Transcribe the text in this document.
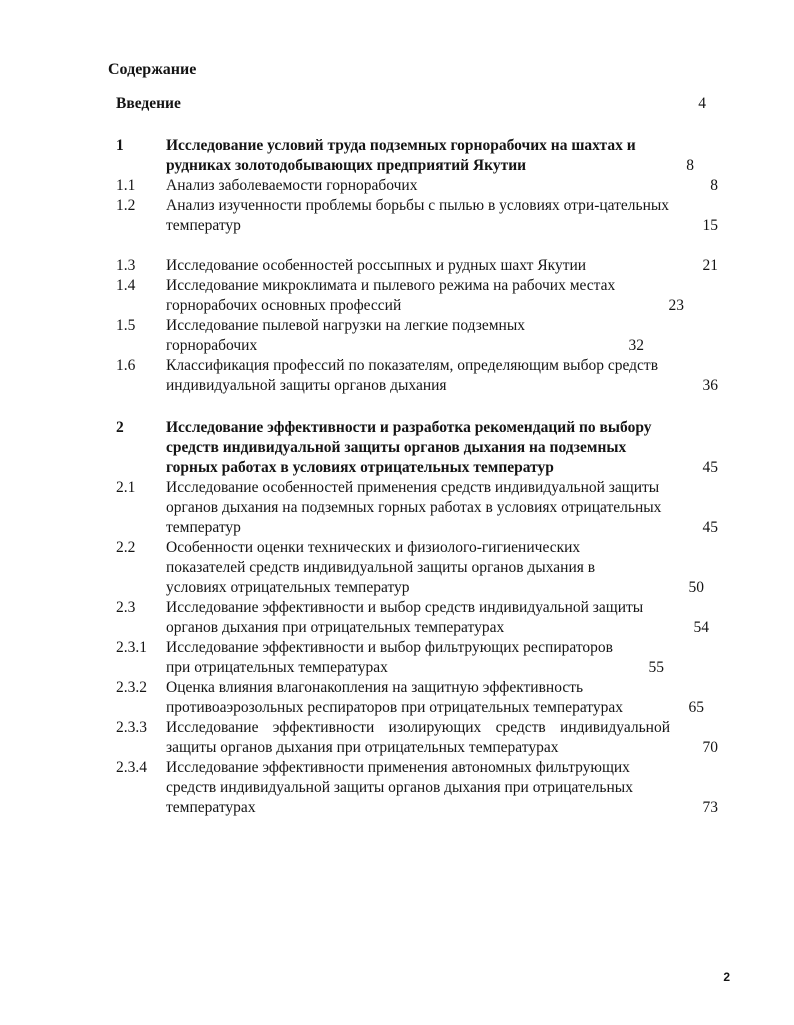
Содержание
Введение	4
1	Исследование условий труда подземных горнорабочих на шахтах и рудниках золотодобывающих предприятий Якутии	8
1.1	Анализ заболеваемости горнорабочих	8
1.2	Анализ изученности проблемы борьбы с пылью в условиях отри-цательных температур	15
1.3	Исследование особенностей россыпных и рудных шахт Якутии	21
1.4	Исследование микроклимата и пылевого режима на рабочих местах горнорабочих основных профессий	23
1.5	Исследование пылевой нагрузки на легкие подземных горнорабочих	32
1.6	Классификация профессий по показателям, определяющим выбор средств индивидуальной защиты органов дыхания	36
2	Исследование эффективности и разработка рекомендаций по выбору средств индивидуальной защиты органов дыхания на подземных горных работах в условиях отрицательных температур	45
2.1	Исследование особенностей применения средств индивидуальной защиты органов дыхания на подземных горных работах в условиях отрицательных температур	45
2.2	Особенности оценки технических и физиолого-гигиенических показателей средств индивидуальной защиты органов дыхания в условиях отрицательных температур	50
2.3	Исследование эффективности и выбор средств индивидуальной защиты органов дыхания при отрицательных температурах	54
2.3.1	Исследование эффективности и выбор фильтрующих респираторов при отрицательных температурах	55
2.3.2	Оценка влияния влагонакопления на защитную эффективность противоаэрозольных респираторов при отрицательных температурах	65
2.3.3	Исследование эффективности изолирующих средств индивидуальной защиты органов дыхания при отрицательных температурах	70
2.3.4	Исследование эффективности применения автономных фильтрующих средств индивидуальной защиты органов дыхания при отрицательных температурах	73
2
